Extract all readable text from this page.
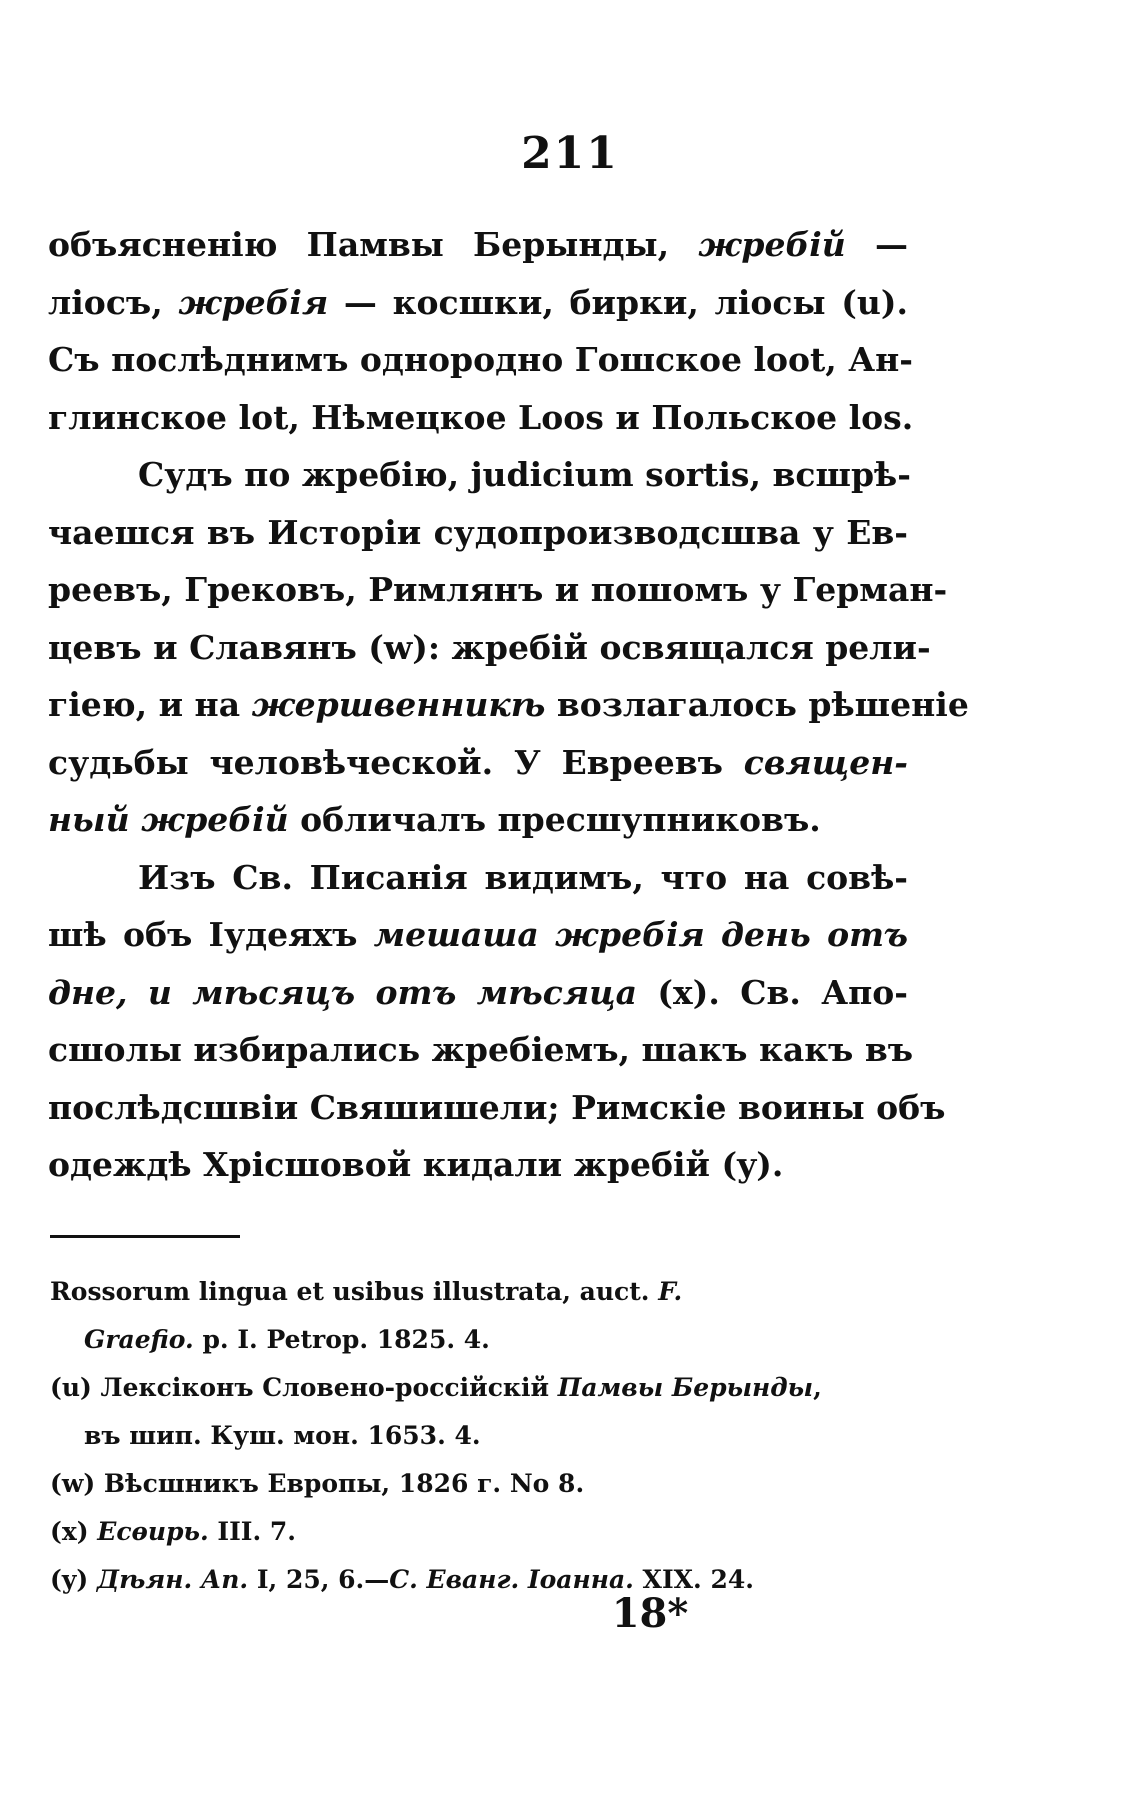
211
объясненію Памвы Берынды, жребій —
ліосъ, жребія — косшки, бирки, ліосы (u).
Съ послѣднимъ однородно Гошское loot, Ан-
глинское lot, Нѣмецкое Loos и Польское los.
Судъ по жребію, judicium sortis, всшрѣ-
чаешся въ Исторіи судопроизводсшва у Ев-
реевъ, Грековъ, Римлянъ и пошомъ у Герман-
цевъ и Славянъ (w): жребій освящался рели-
гіею, и на жершвенникѣ возлагалось рѣшеніе
судьбы человѣческой. У Евреевъ священ-
ный жребій обличалъ пресшупниковъ.
Изъ Св. Писанія видимъ, что на совѣ-
шѣ объ Іудеяхъ мешаша жребія день отъ
дне, и мѣсяцъ отъ мѣсяца (x). Св. Апо-
сшолы избирались жребіемъ, шакъ какъ въ
послѣдсшвіи Свяшишели; Римскіе воины объ
одеждѣ Хрісшовой кидали жребій (y).
Rossorum lingua et usibus illustrata, auct. F.
Graefio. p. I. Petrop. 1825. 4.
(u) Лексіконъ Словено-россійскій Памвы Берынды,
въ шип. Куш. мон. 1653. 4.
(w) Вѣсшникъ Европы, 1826 г. No 8.
(x) Есѳирь. III. 7.
(y) Дѣян. Ап. I, 25, 6.—С. Еванг. Іоанна. XIX. 24.
18*
